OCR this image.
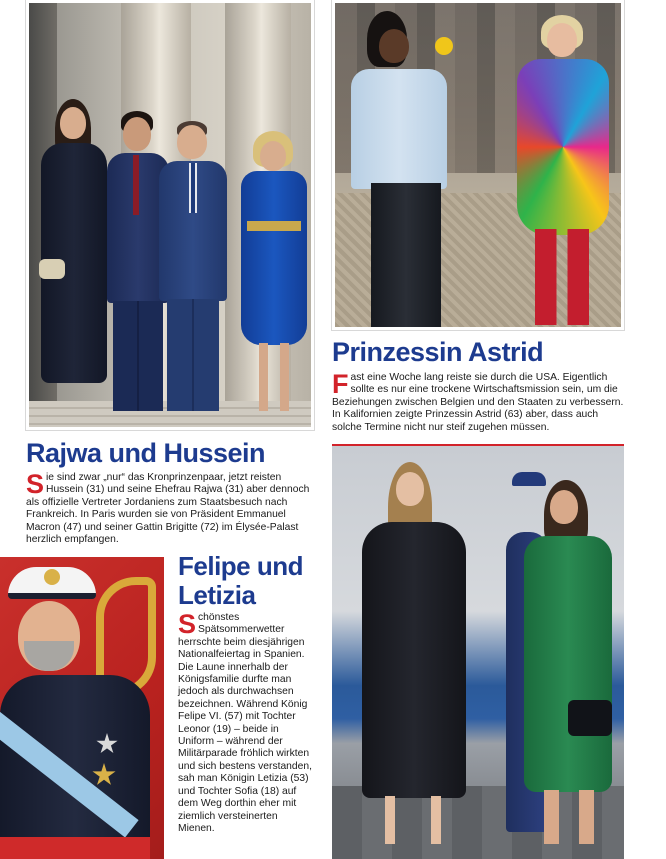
Prinzessin Astrid
Fast eine Woche lang reiste sie durch die USA. Eigentlich sollte es nur eine trockene Wirtschaftsmission sein, um die Beziehungen zwischen Belgien und den Staaten zu verbessern. In Kalifornien zeigte Prinzessin Astrid (63) aber, dass auch solche Termine nicht nur steif zugehen müssen.
Rajwa und Hussein
Sie sind zwar „nur“ das Kronprinzenpaar, jetzt reisten Hussein (31) und seine Ehefrau Rajwa (31) aber dennoch als offizielle Vertreter Jordaniens zum Staatsbesuch nach Frankreich. In Paris wurden sie von Präsident Emmanuel Macron (47) und seiner Gattin Brigitte (72) im Élysée-Palast herzlich empfangen.
Felipe und
Letizia
Schönstes Spätsommerwetter herrschte beim diesjährigen Nationalfeiertag in Spanien. Die Laune innerhalb der Königsfamilie durfte man jedoch als durchwachsen bezeichnen. Während König Felipe VI. (57) mit Tochter Leonor (19) – beide in Uniform – während der Militärparade fröhlich wirkten und sich bestens verstanden, sah man Königin Letizia (53) und Tochter Sofia (18) auf dem Weg dorthin eher mit ziemlich versteinerten Mienen.
